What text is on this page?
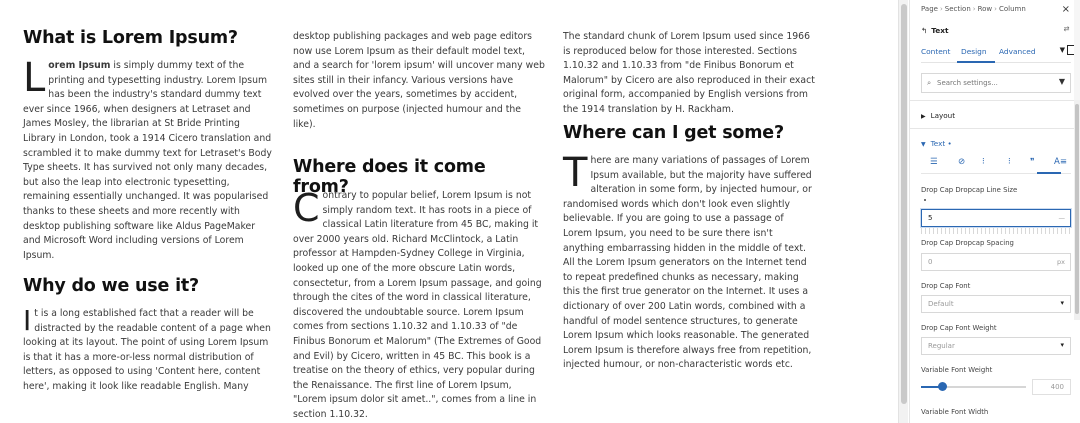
What is Lorem Ipsum?

Lorem Ipsum is simply dummy text of the printing and typesetting industry. Lorem Ipsum has been the industry's standard dummy text ever since 1966, when designers at Letraset and James Mosley, the librarian at St Bride Printing Library in London, took a 1914 Cicero translation and scrambled it to make dummy text for Letraset's Body Type sheets. It has survived not only many decades, but also the leap into electronic typesetting, remaining essentially unchanged. It was popularised thanks to these sheets and more recently with desktop publishing software like Aldus PageMaker and Microsoft Word including versions of Lorem Ipsum.

Why do we use it?

It is a long established fact that a reader will be distracted by the readable content of a page when looking at its layout. The point of using Lorem Ipsum is that it has a more-or-less normal distribution of letters, as opposed to using 'Content here, content here', making it look like readable English. Many

desktop publishing packages and web page editors now use Lorem Ipsum as their default model text, and a search for 'lorem ipsum' will uncover many web sites still in their infancy. Various versions have evolved over the years, sometimes by accident, sometimes on purpose (injected humour and the like).

Where does it come from?

Contrary to popular belief, Lorem Ipsum is not simply random text. It has roots in a piece of classical Latin literature from 45 BC, making it over 2000 years old. Richard McClintock, a Latin professor at Hampden-Sydney College in Virginia, looked up one of the more obscure Latin words, consectetur, from a Lorem Ipsum passage, and going through the cites of the word in classical literature, discovered the undoubtable source. Lorem Ipsum comes from sections 1.10.32 and 1.10.33 of "de Finibus Bonorum et Malorum" (The Extremes of Good and Evil) by Cicero, written in 45 BC. This book is a treatise on the theory of ethics, very popular during the Renaissance. The first line of Lorem Ipsum, "Lorem ipsum dolor sit amet..", comes from a line in section 1.10.32.

The standard chunk of Lorem Ipsum used since 1966 is reproduced below for those interested. Sections 1.10.32 and 1.10.33 from "de Finibus Bonorum et Malorum" by Cicero are also reproduced in their exact original form, accompanied by English versions from the 1914 translation by H. Rackham.

Where can I get some?

There are many variations of passages of Lorem Ipsum available, but the majority have suffered alteration in some form, by injected humour, or randomised words which don't look even slightly believable. If you are going to use a passage of Lorem Ipsum, you need to be sure there isn't anything embarrassing hidden in the middle of text. All the Lorem Ipsum generators on the Internet tend to repeat predefined chunks as necessary, making this the first true generator on the Internet. It uses a dictionary of over 200 Latin words, combined with a handful of model sentence structures, to generate Lorem Ipsum which looks reasonable. The generated Lorem Ipsum is therefore always free from repetition, injected humour, or non-characteristic words etc.

Page › Section › Row › Column	×
↰ Text	⇄
Content Design Advanced	▼
⌕
Search settings...	▼
▶ Layout
▼ Text •
☰ ⊘ ⁝	⁝ ❞ A≡
Drop Cap Dropcap Line Size
5	—
Drop Cap Dropcap Spacing
0	px
Drop Cap Font
Default	▾
Drop Cap Font Weight
Regular	▾
Variable Font Weight
400
Variable Font Width
